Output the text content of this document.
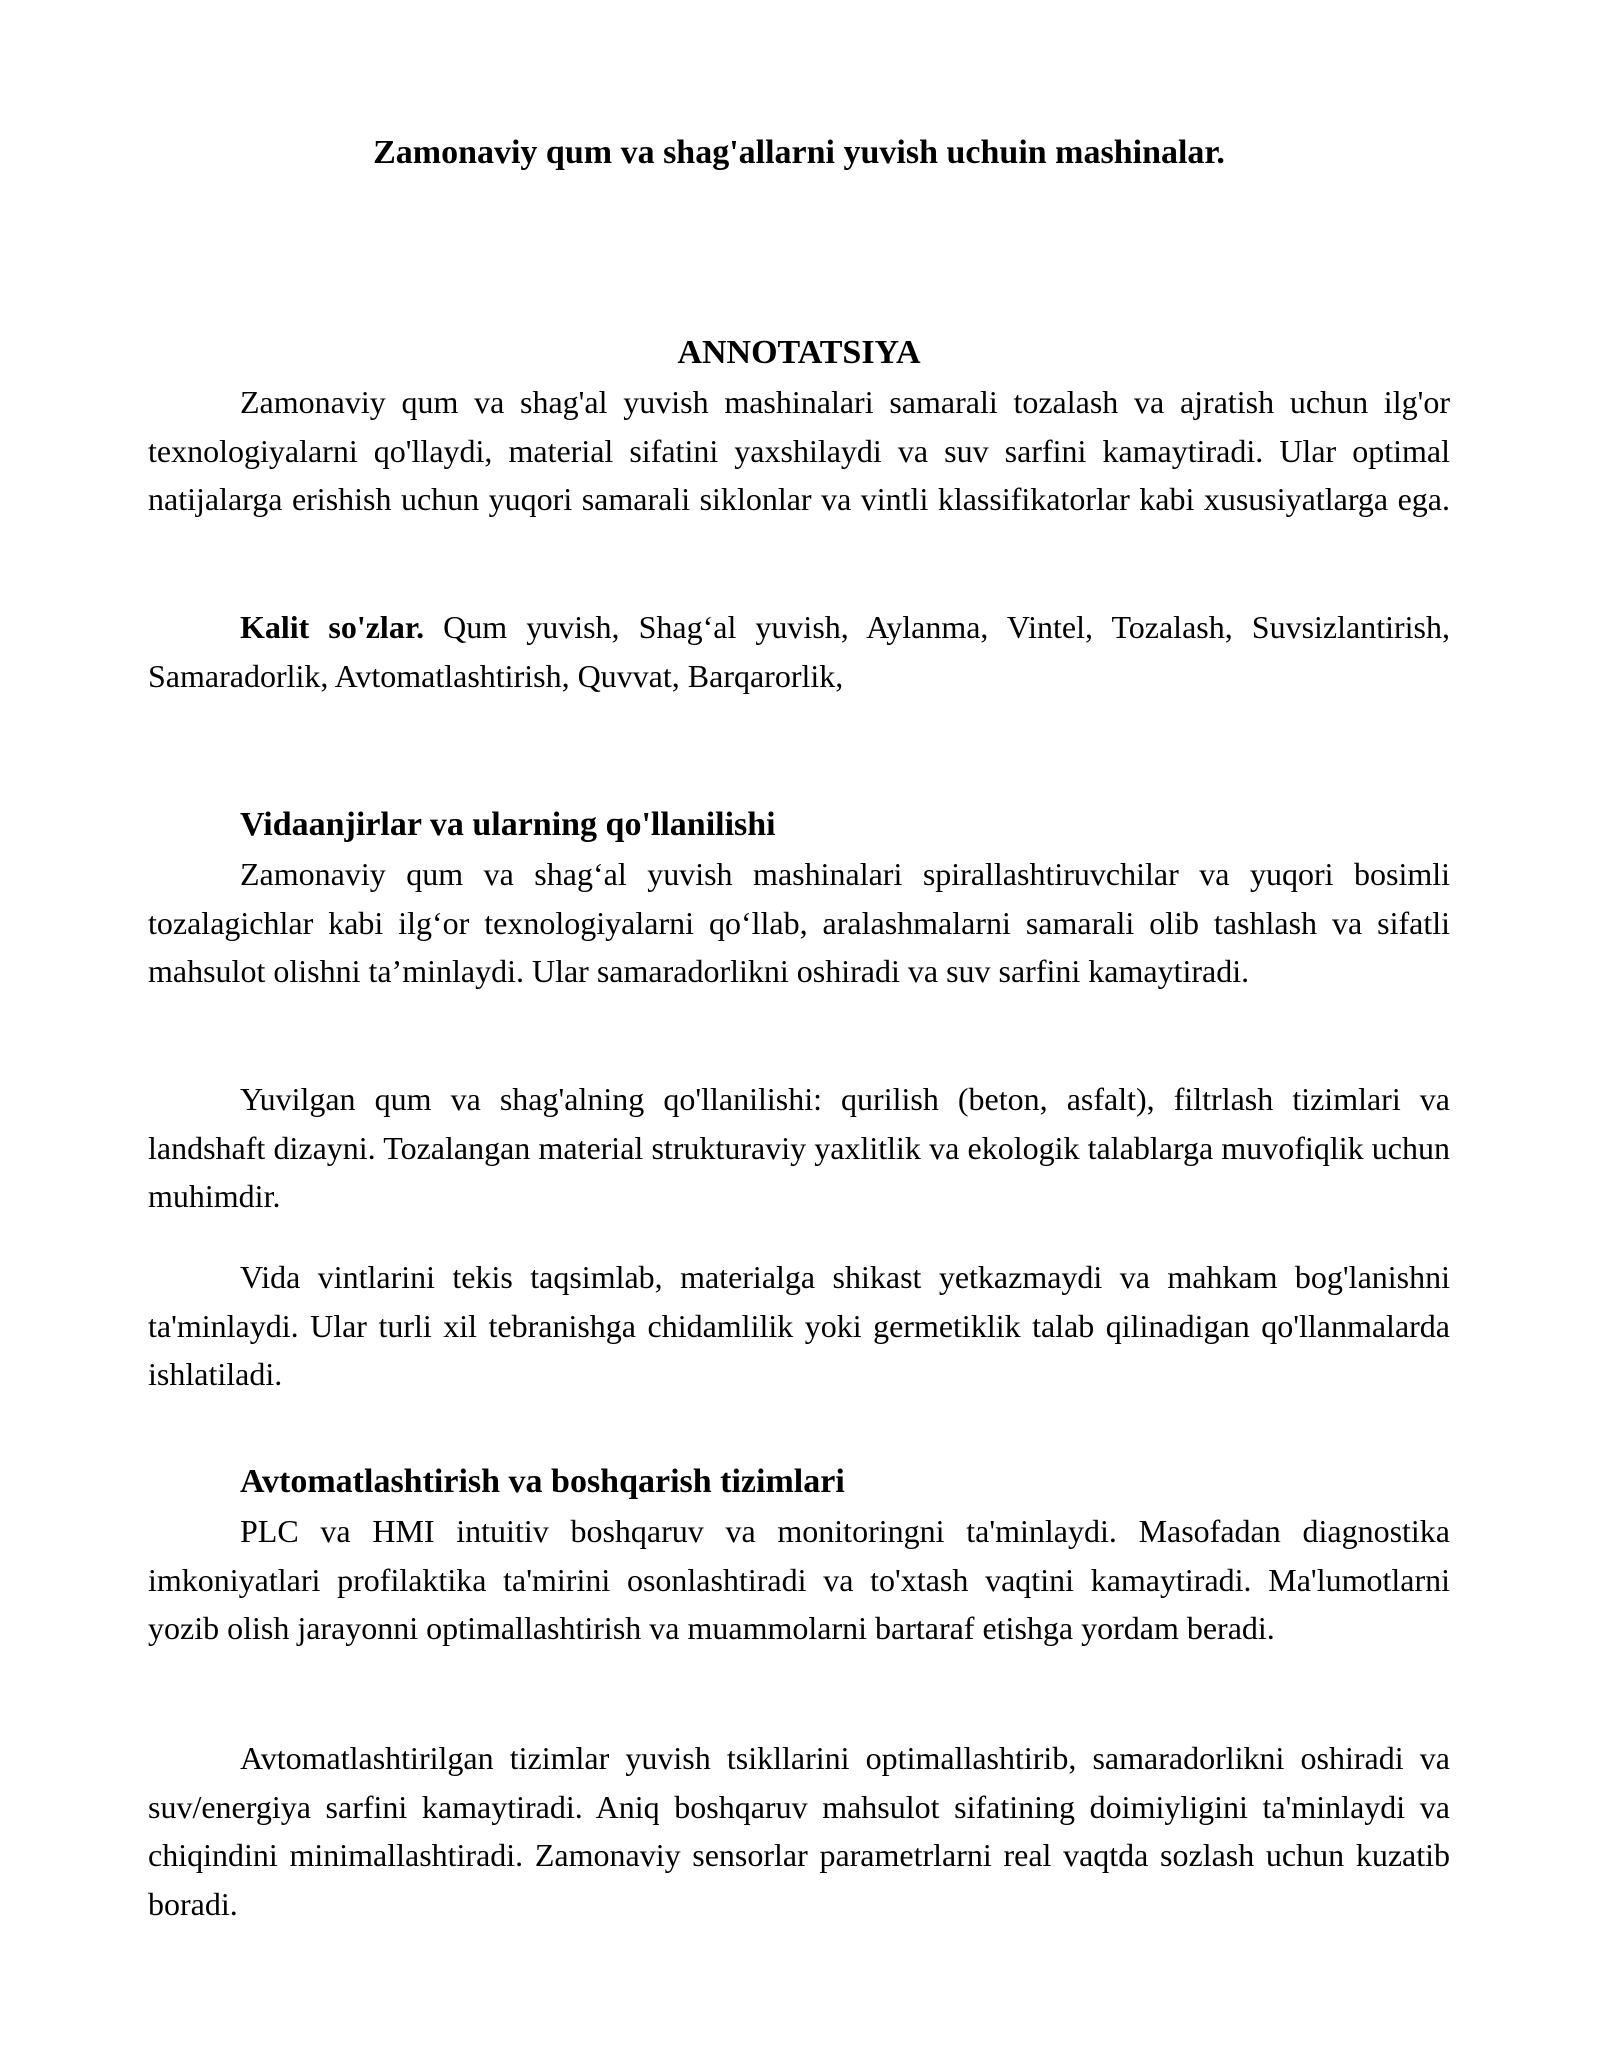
Zamonaviy qum va shag'allarni yuvish uchuin mashinalar.
ANNOTATSIYA

Zamonaviy qum va shag'al yuvish mashinalari samarali tozalash va ajratish uchun ilg'or texnologiyalarni qo'llaydi, material sifatini yaxshilaydi va suv sarfini kamaytiradi. Ular optimal natijalarga erishish uchun yuqori samarali siklonlar va vintli klassifikatorlar kabi xususiyatlarga ega.

Kalit so'zlar. Qum yuvish, Shag‘al yuvish, Aylanma, Vintel, Tozalash, Suvsizlantirish, Samaradorlik, Avtomatlashtirish, Quvvat, Barqarorlik,

Vidaanjirlar va ularning qo'llanilishi

Zamonaviy qum va shag‘al yuvish mashinalari spirallashtiruvchilar va yuqori bosimli tozalagichlar kabi ilg‘or texnologiyalarni qo‘llab, aralashmalarni samarali olib tashlash va sifatli mahsulot olishni ta’minlaydi. Ular samaradorlikni oshiradi va suv sarfini kamaytiradi.

Yuvilgan qum va shag'alning qo'llanilishi: qurilish (beton, asfalt), filtrlash tizimlari va landshaft dizayni. Tozalangan material strukturaviy yaxlitlik va ekologik talablarga muvofiqlik uchun muhimdir.

Vida vintlarini tekis taqsimlab, materialga shikast yetkazmaydi va mahkam bog'lanishni ta'minlaydi. Ular turli xil tebranishga chidamlilik yoki germetiklik talab qilinadigan qo'llanmalarda ishlatiladi.

Avtomatlashtirish va boshqarish tizimlari

PLC va HMI intuitiv boshqaruv va monitoringni ta'minlaydi. Masofadan diagnostika imkoniyatlari profilaktika ta'mirini osonlashtiradi va to'xtash vaqtini kamaytiradi. Ma'lumotlarni yozib olish jarayonni optimallashtirish va muammolarni bartaraf etishga yordam beradi.

Avtomatlashtirilgan tizimlar yuvish tsikllarini optimallashtirib, samaradorlikni oshiradi va suv/energiya sarfini kamaytiradi. Aniq boshqaruv mahsulot sifatining doimiyligini ta'minlaydi va chiqindini minimallashtiradi. Zamonaviy sensorlar parametrlarni real vaqtda sozlash uchun kuzatib boradi.
